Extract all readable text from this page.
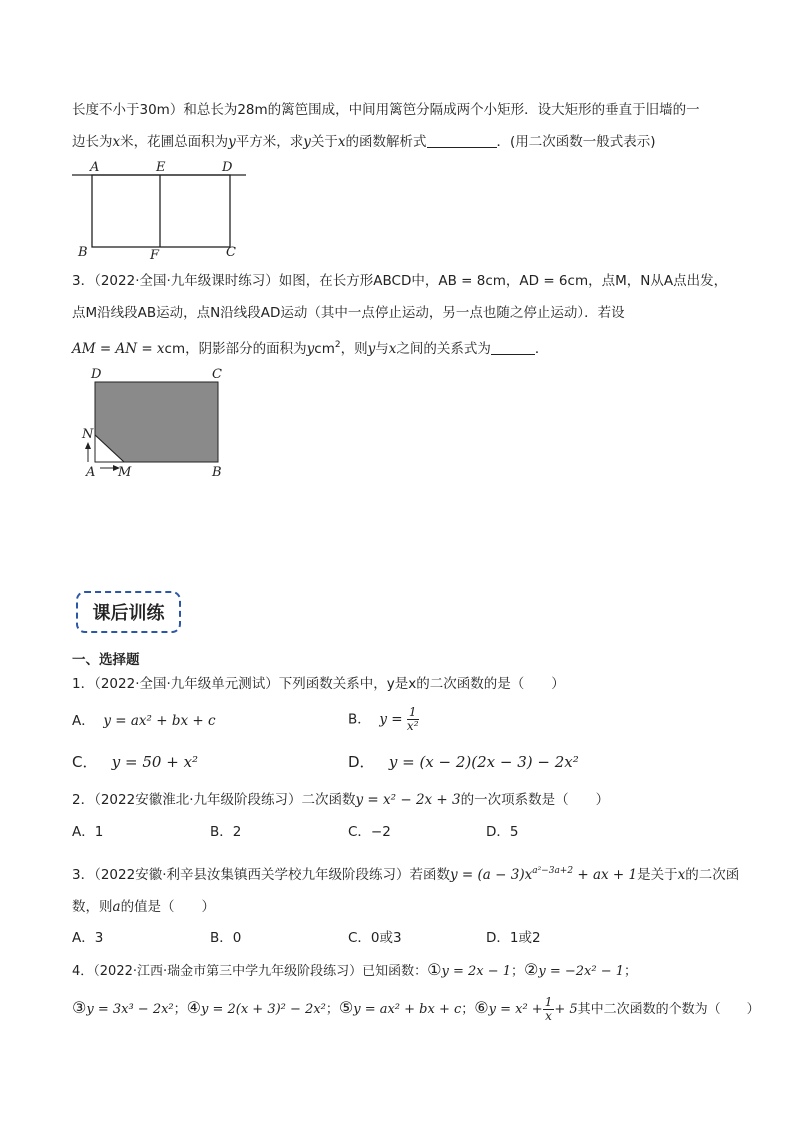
长度不小于30m）和总长为28m的篱笆围成，中间用篱笆分隔成两个小矩形．设大矩形的垂直于旧墙的一
边长为x米，花圃总面积为y平方米，求y关于x的函数解析式	．(用二次函数一般式表示)
A	E	D
B	F	C
3．（2022·全国·九年级课时练习）如图，在长方形ABCD中，AB = 8cm，AD = 6cm，点M，N从A点出发，
点M沿线段AB运动，点N沿线段AD运动（其中一点停止运动，另一点也随之停止运动）．若设
AM = AN = xcm，阴影部分的面积为ycm$^2$，则y与x之间的关系式为	．
D	C
N
A M	B
课后训练
一、选择题
1．（2022·全国·九年级单元测试）下列函数关系中，y是x的二次函数的是（　　）
A． y = ax² + bx + c	B． $y = \frac{1}{\text{x²}}$
C． y = 50 + x²	D． y = (x − 2)(2x − 3) − 2x²
2．（2022安徽淮北·九年级阶段练习）二次函数y = x² − 2x + 3的一次项系数是（　　）
A．1	B．2	C．−2	D．5
3．（2022安徽·利辛县汝集镇西关学校九年级阶段练习）若函数$y = (a - 3)x^{a^2-3a+2}$ + ax + 1是关于x的二次函
数，则a的值是（　　）
A．3	B．0	C．0或3	D．1或2
4．（2022·江西·瑞金市第三中学九年级阶段练习）已知函数：①y = 2x − 1；②y = −2x² − 1；
③y = 3x³ − 2x²；④y = 2(x + 3)² − 2x²；⑤y = ax² + bx + c；⑥y = $x^2 + \frac{1}{x} + 5$其中二次函数的个数为（　　）
